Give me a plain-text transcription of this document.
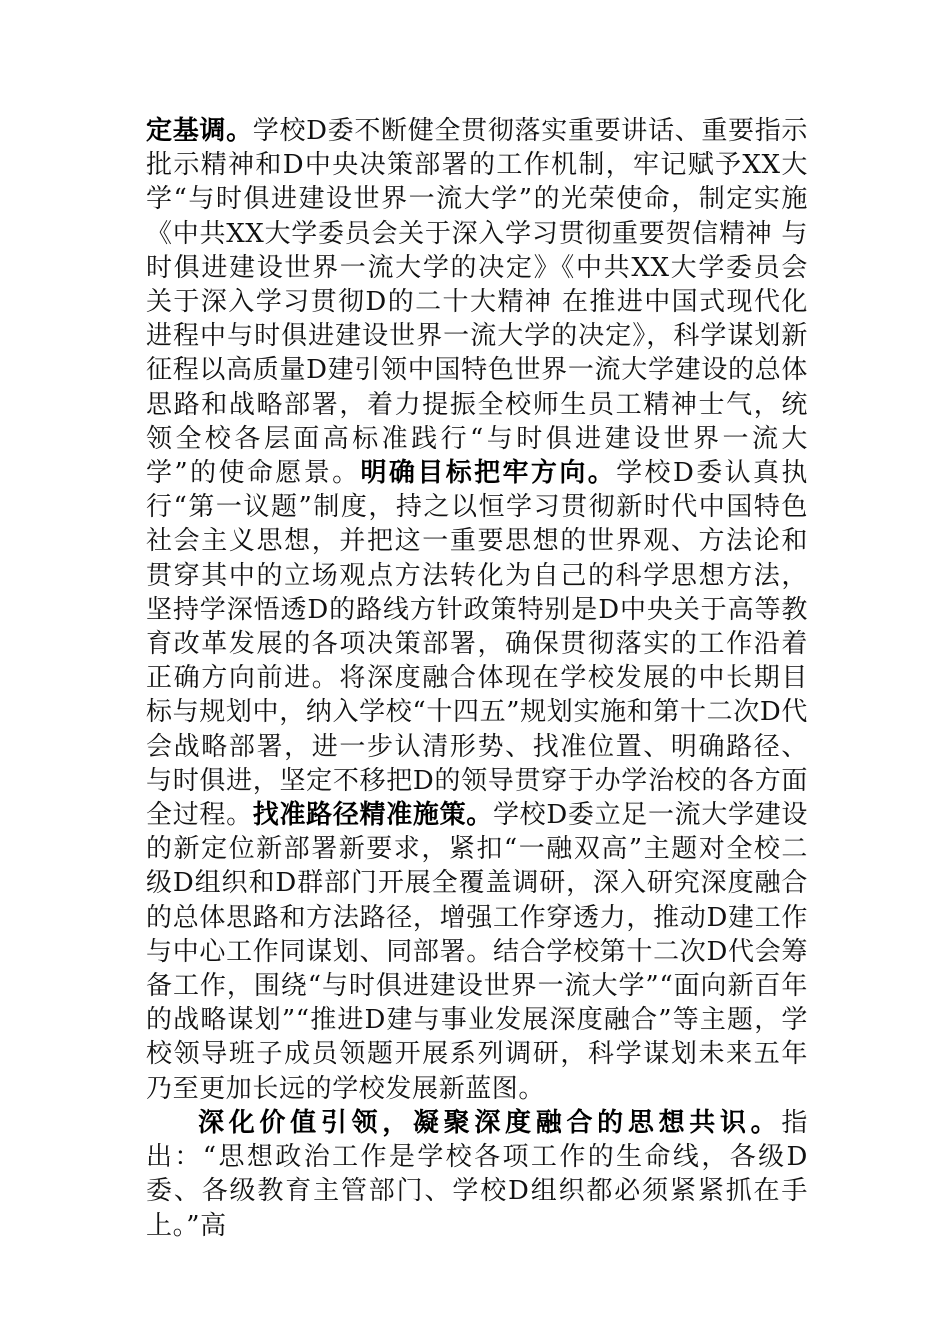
定基调。学校D委不断健全贯彻落实重要讲话、重要指示批示精神和D中央决策部署的工作机制，牢记赋予XX大学“与时俱进建设世界一流大学”的光荣使命，制定实施《中共XX大学委员会关于深入学习贯彻重要贺信精神 与时俱进建设世界一流大学的决定》《中共XX大学委员会关于深入学习贯彻D的二十大精神 在推进中国式现代化进程中与时俱进建设世界一流大学的决定》，科学谋划新征程以高质量D建引领中国特色世界一流大学建设的总体思路和战略部署，着力提振全校师生员工精神士气，统领全校各层面高标准践行“与时俱进建设世界一流大学”的使命愿景。明确目标把牢方向。学校D委认真执行“第一议题”制度，持之以恒学习贯彻新时代中国特色社会主义思想，并把这一重要思想的世界观、方法论和贯穿其中的立场观点方法转化为自己的科学思想方法，坚持学深悟透D的路线方针政策特别是D中央关于高等教育改革发展的各项决策部署，确保贯彻落实的工作沿着正确方向前进。将深度融合体现在学校发展的中长期目标与规划中，纳入学校“十四五”规划实施和第十二次D代会战略部署，进一步认清形势、找准位置、明确路径、与时俱进，坚定不移把D的领导贯穿于办学治校的各方面全过程。找准路径精准施策。学校D委立足一流大学建设的新定位新部署新要求，紧扣“一融双高”主题对全校二级D组织和D群部门开展全覆盖调研，深入研究深度融合的总体思路和方法路径，增强工作穿透力，推动D建工作与中心工作同谋划、同部署。结合学校第十二次D代会筹备工作，围绕“与时俱进建设世界一流大学”“面向新百年的战略谋划”“推进D建与事业发展深度融合”等主题，学校领导班子成员领题开展系列调研，科学谋划未来五年乃至更加长远的学校发展新蓝图。

深化价值引领，凝聚深度融合的思想共识。指出：“思想政治工作是学校各项工作的生命线，各级D委、各级教育主管部门、学校D组织都必须紧紧抓在手上。”高
